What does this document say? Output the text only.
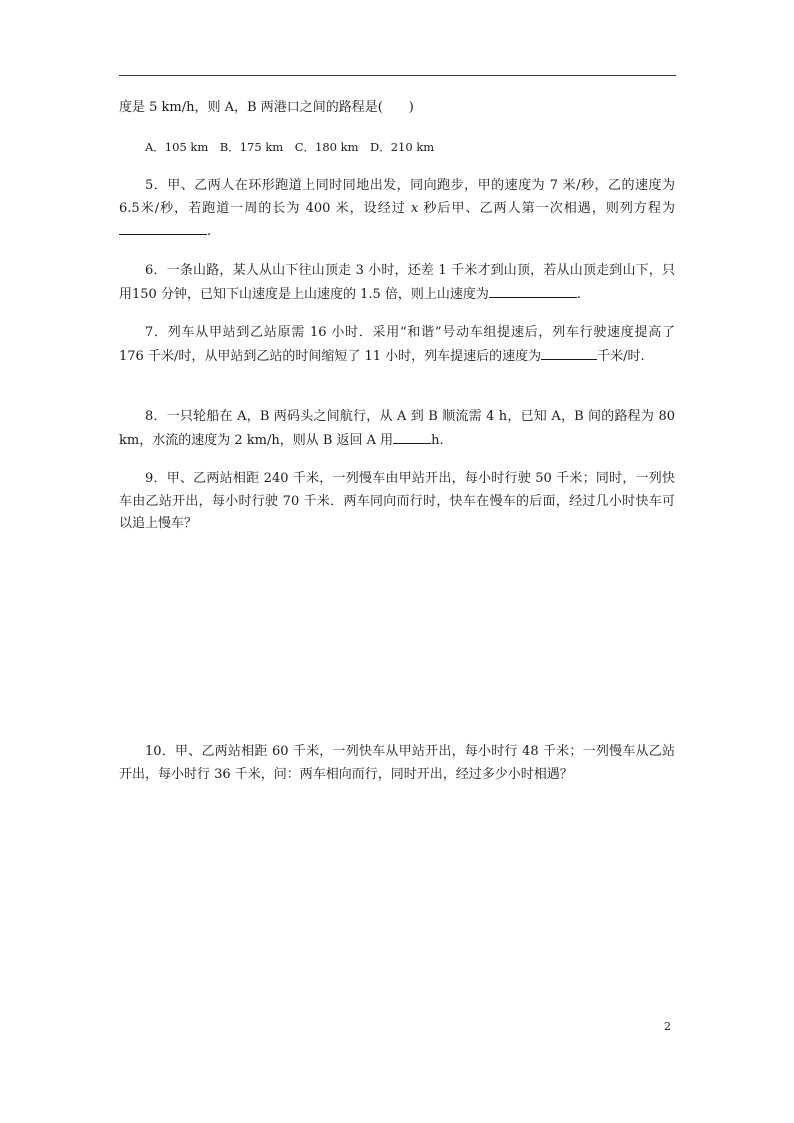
度是 5 km/h，则 A，B 两港口之间的路程是(　　)
A．105 km　B．175 km　C．180 km　D．210 km
5．甲、乙两人在环形跑道上同时同地出发，同向跑步，甲的速度为 7 米/秒，乙的速度为6.5米/秒，若跑道一周的长为 400 米，设经过 x 秒后甲、乙两人第一次相遇，则列方程为.
6．一条山路，某人从山下往山顶走 3 小时，还差 1 千米才到山顶，若从山顶走到山下，只用150 分钟，已知下山速度是上山速度的 1.5 倍，则上山速度为	.
7．列车从甲站到乙站原需 16 小时．采用“和谐”号动车组提速后，列车行驶速度提高了 176 千米/时，从甲站到乙站的时间缩短了 11 小时，列车提速后的速度为	千米/时.
8．一只轮船在 A，B 两码头之间航行，从 A 到 B 顺流需 4 h，已知 A，B 间的路程为 80 km，水流的速度为 2 km/h，则从 B 返回 A 用	h.
9．甲、乙两站相距 240 千米，一列慢车由甲站开出，每小时行驶 50 千米；同时，一列快车由乙站开出，每小时行驶 70 千米．两车同向而行时，快车在慢车的后面，经过几小时快车可以追上慢车？
10．甲、乙两站相距 60 千米，一列快车从甲站开出，每小时行 48 千米；一列慢车从乙站开出，每小时行 36 千米，问：两车相向而行，同时开出，经过多少小时相遇？
2
